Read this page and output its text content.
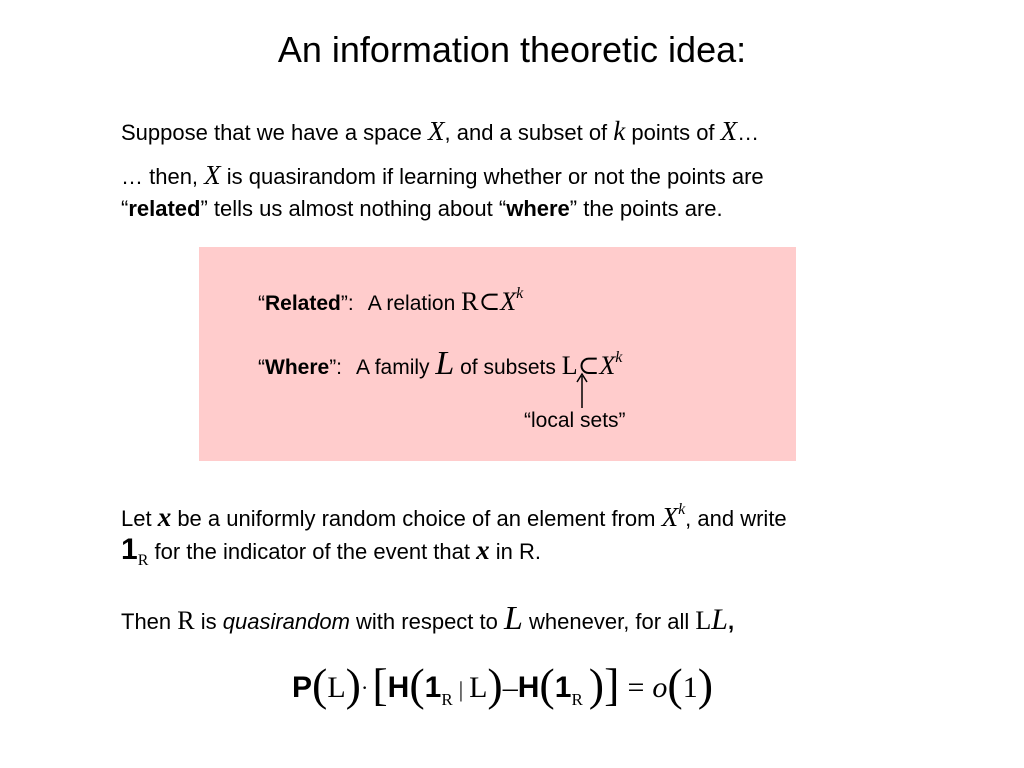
An information theoretic idea:
Suppose that we have a space X, and a subset of k points of X…
… then, X is quasirandom if learning whether or not the points are
“related” tells us almost nothing about “where” the points are.
“Related”: A relation $R\subset X^k$
“Where”: A family L of subsets $L\subset X^k$
“local sets”
Let x be a uniformly random choice of an element from $X^k$, and write
$1_R$ for the indicator of the event that x in R.
Then R is quasirandom with respect to L whenever, for all LL,
$P(L)\cdot[H(1_R$ | $L)-H(1_R$ )] = o(1)
